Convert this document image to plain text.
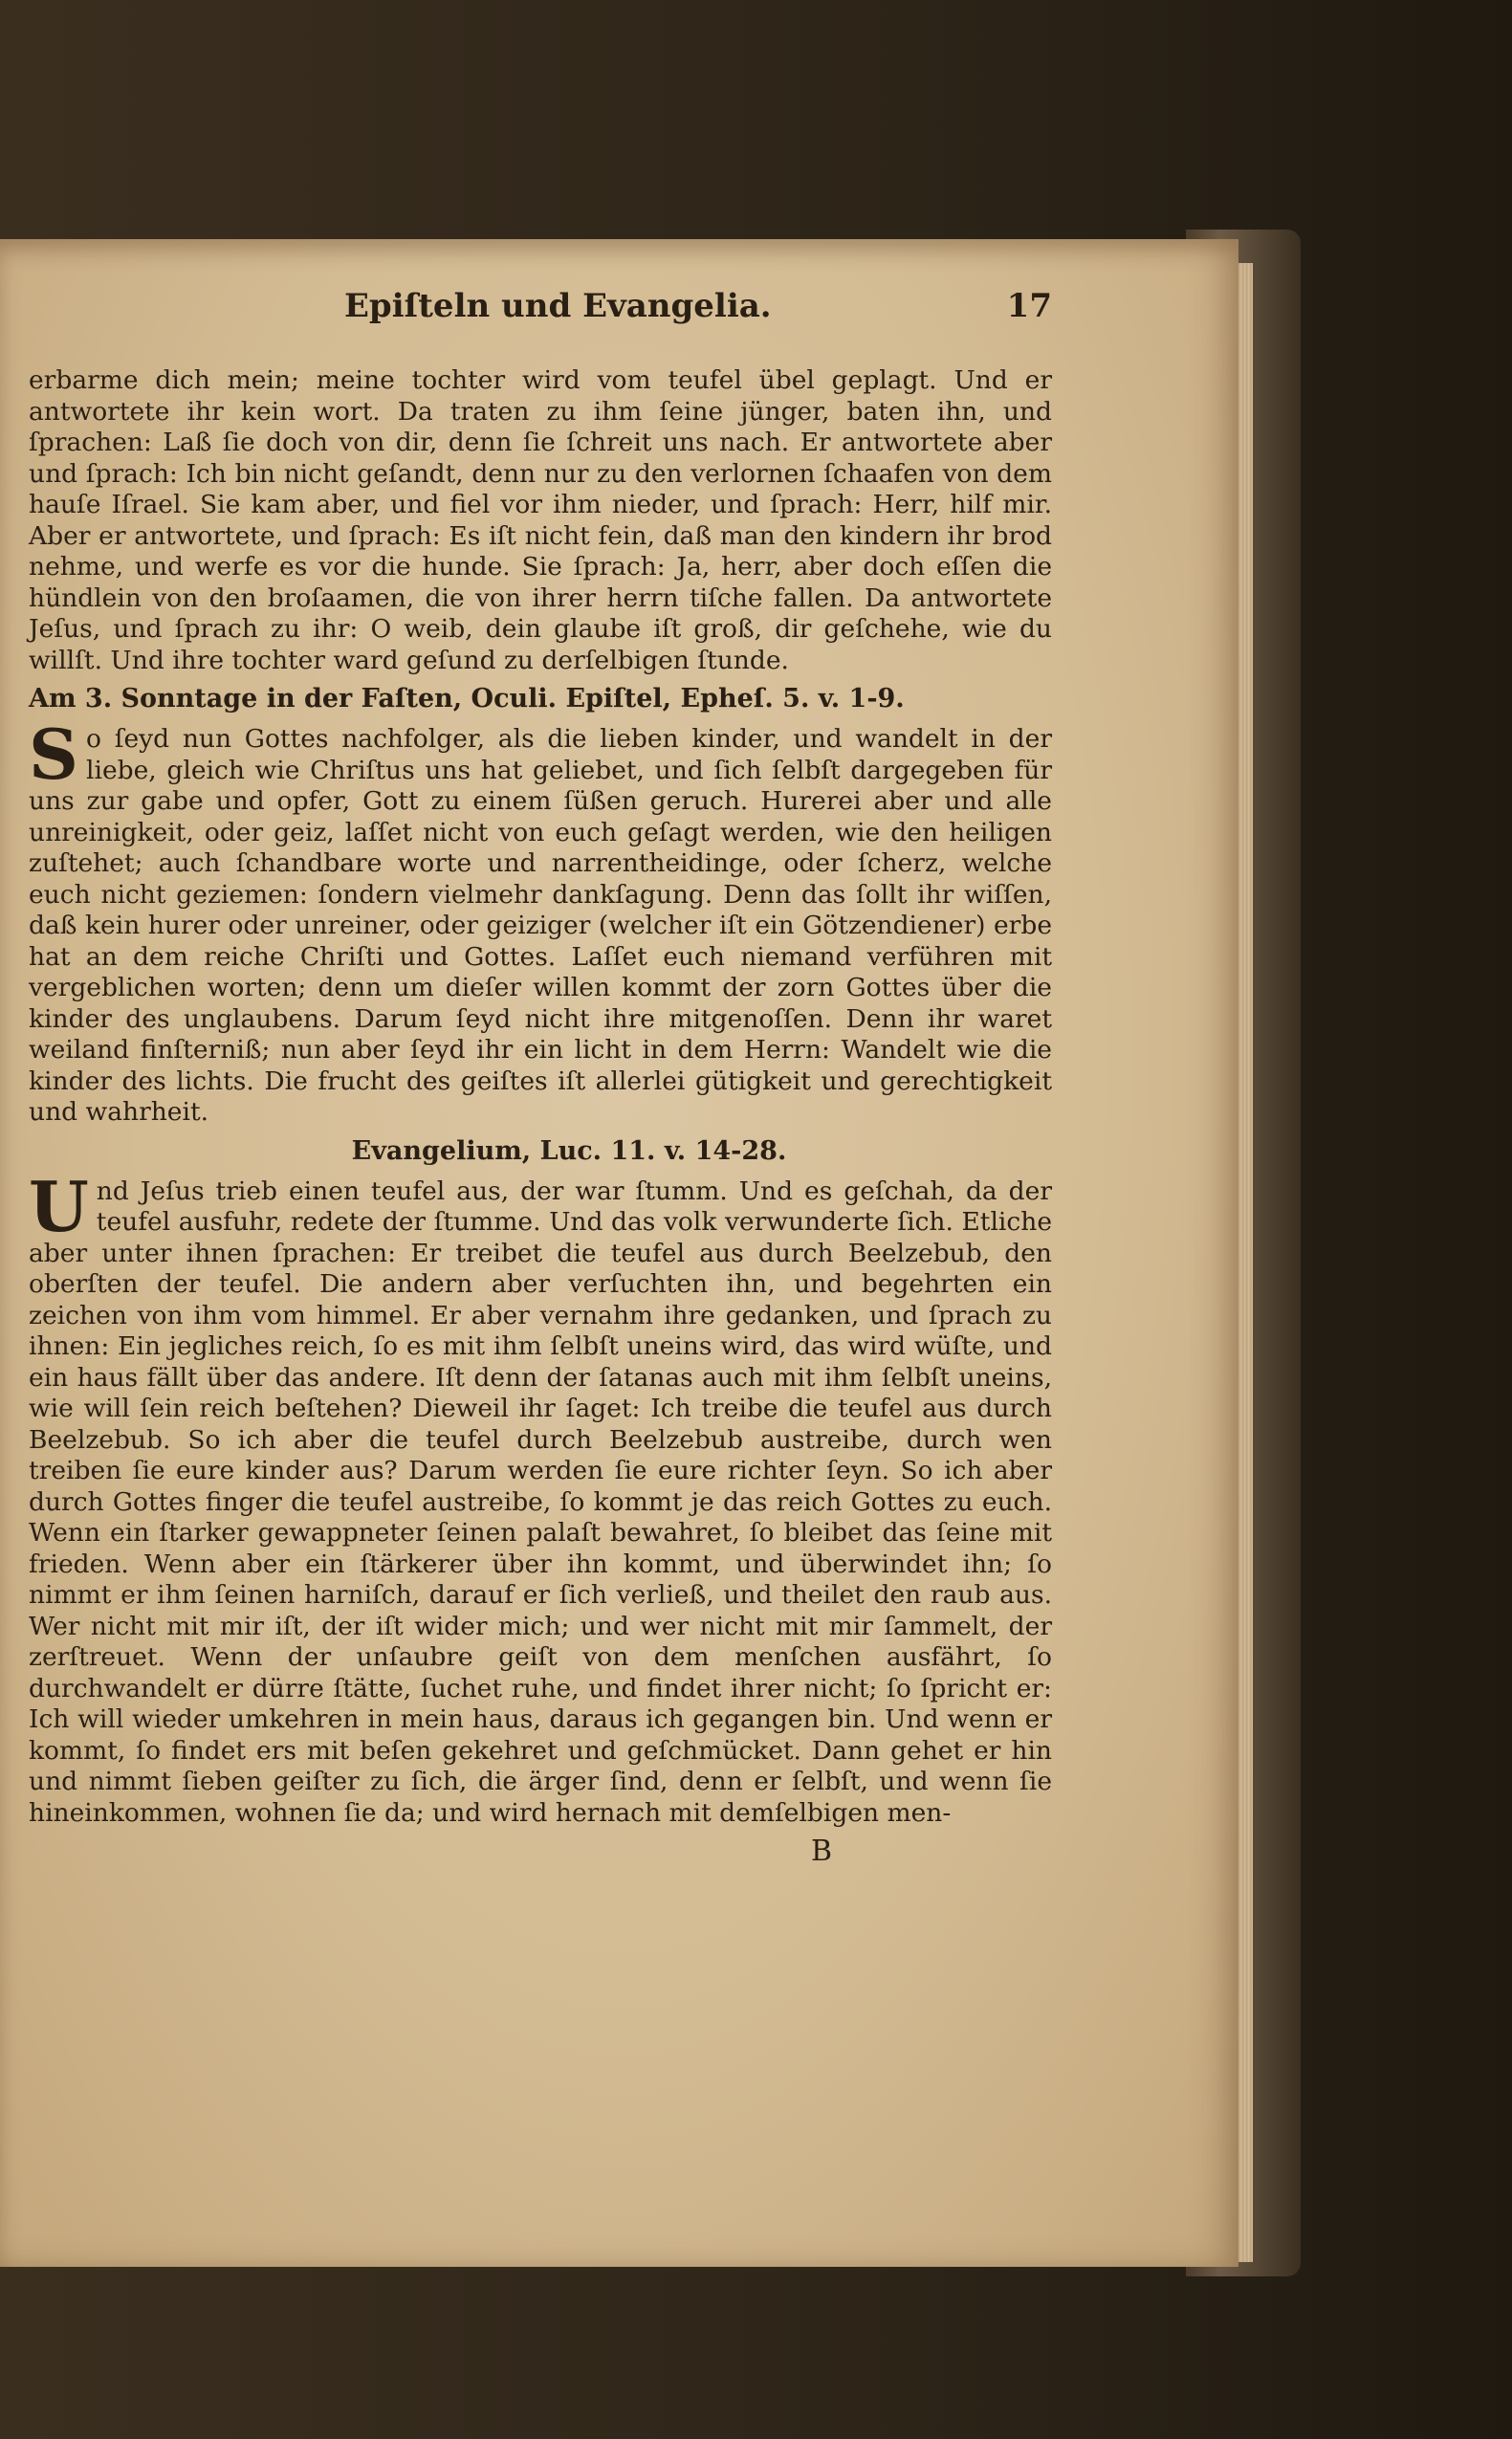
Epiſteln und Evangelia.	17

erbarme dich mein; meine tochter wird vom teufel übel geplagt. Und er antwortete ihr kein wort. Da traten zu ihm ſeine jünger, baten ihn, und ſprachen: Laß ſie doch von dir, denn ſie ſchreit uns nach. Er antwortete aber und ſprach: Ich bin nicht geſandt, denn nur zu den verlornen ſchaafen von dem hauſe Iſrael. Sie kam aber, und fiel vor ihm nieder, und ſprach: Herr, hilf mir. Aber er antwortete, und ſprach: Es iſt nicht fein, daß man den kindern ihr brod nehme, und werfe es vor die hunde. Sie ſprach: Ja, herr, aber doch eſſen die hündlein von den broſaamen, die von ihrer herrn tiſche fallen. Da antwortete Jeſus, und ſprach zu ihr: O weib, dein glaube iſt groß, dir geſchehe, wie du willſt. Und ihre tochter ward geſund zu derſelbigen ſtunde.

Am 3. Sonntage in der Faſten, Oculi. Epiſtel, Epheſ. 5. v. 1-9.

So ſeyd nun Gottes nachfolger, als die lieben kinder, und wandelt in der liebe, gleich wie Chriſtus uns hat geliebet, und ſich ſelbſt dargegeben für uns zur gabe und opfer, Gott zu einem ſüßen geruch. Hurerei aber und alle unreinigkeit, oder geiz, laſſet nicht von euch geſagt werden, wie den heiligen zuſtehet; auch ſchandbare worte und narrentheidinge, oder ſcherz, welche euch nicht geziemen: ſondern vielmehr dankſagung. Denn das ſollt ihr wiſſen, daß kein hurer oder unreiner, oder geiziger (welcher iſt ein Götzendiener) erbe hat an dem reiche Chriſti und Gottes. Laſſet euch niemand verführen mit vergeblichen worten; denn um dieſer willen kommt der zorn Gottes über die kinder des unglaubens. Darum ſeyd nicht ihre mitgenoſſen. Denn ihr waret weiland finſterniß; nun aber ſeyd ihr ein licht in dem Herrn: Wandelt wie die kinder des lichts. Die frucht des geiſtes iſt allerlei gütigkeit und gerechtigkeit und wahrheit.

Evangelium, Luc. 11. v. 14-28.

Und Jeſus trieb einen teufel aus, der war ſtumm. Und es geſchah, da der teufel ausfuhr, redete der ſtumme. Und das volk verwunderte ſich. Etliche aber unter ihnen ſprachen: Er treibet die teufel aus durch Beelzebub, den oberſten der teufel. Die andern aber verſuchten ihn, und begehrten ein zeichen von ihm vom himmel. Er aber vernahm ihre gedanken, und ſprach zu ihnen: Ein jegliches reich, ſo es mit ihm ſelbſt uneins wird, das wird wüſte, und ein haus fällt über das andere. Iſt denn der ſatanas auch mit ihm ſelbſt uneins, wie will ſein reich beſtehen? Dieweil ihr ſaget: Ich treibe die teufel aus durch Beelzebub. So ich aber die teufel durch Beelzebub austreibe, durch wen treiben ſie eure kinder aus? Darum werden ſie eure richter ſeyn. So ich aber durch Gottes finger die teufel austreibe, ſo kommt je das reich Gottes zu euch. Wenn ein ſtarker gewappneter ſeinen palaſt bewahret, ſo bleibet das ſeine mit frieden. Wenn aber ein ſtärkerer über ihn kommt, und überwindet ihn; ſo nimmt er ihm ſeinen harniſch, darauf er ſich verließ, und theilet den raub aus. Wer nicht mit mir iſt, der iſt wider mich; und wer nicht mit mir ſammelt, der zerſtreuet. Wenn der unſaubre geiſt von dem menſchen ausfährt, ſo durchwandelt er dürre ſtätte, ſuchet ruhe, und findet ihrer nicht; ſo ſpricht er: Ich will wieder umkehren in mein haus, daraus ich gegangen bin. Und wenn er kommt, ſo findet ers mit beſen gekehret und geſchmücket. Dann gehet er hin und nimmt ſieben geiſter zu ſich, die ärger ſind, denn er ſelbſt, und wenn ſie hineinkommen, wohnen ſie da; und wird hernach mit demſelbigen men-

B
